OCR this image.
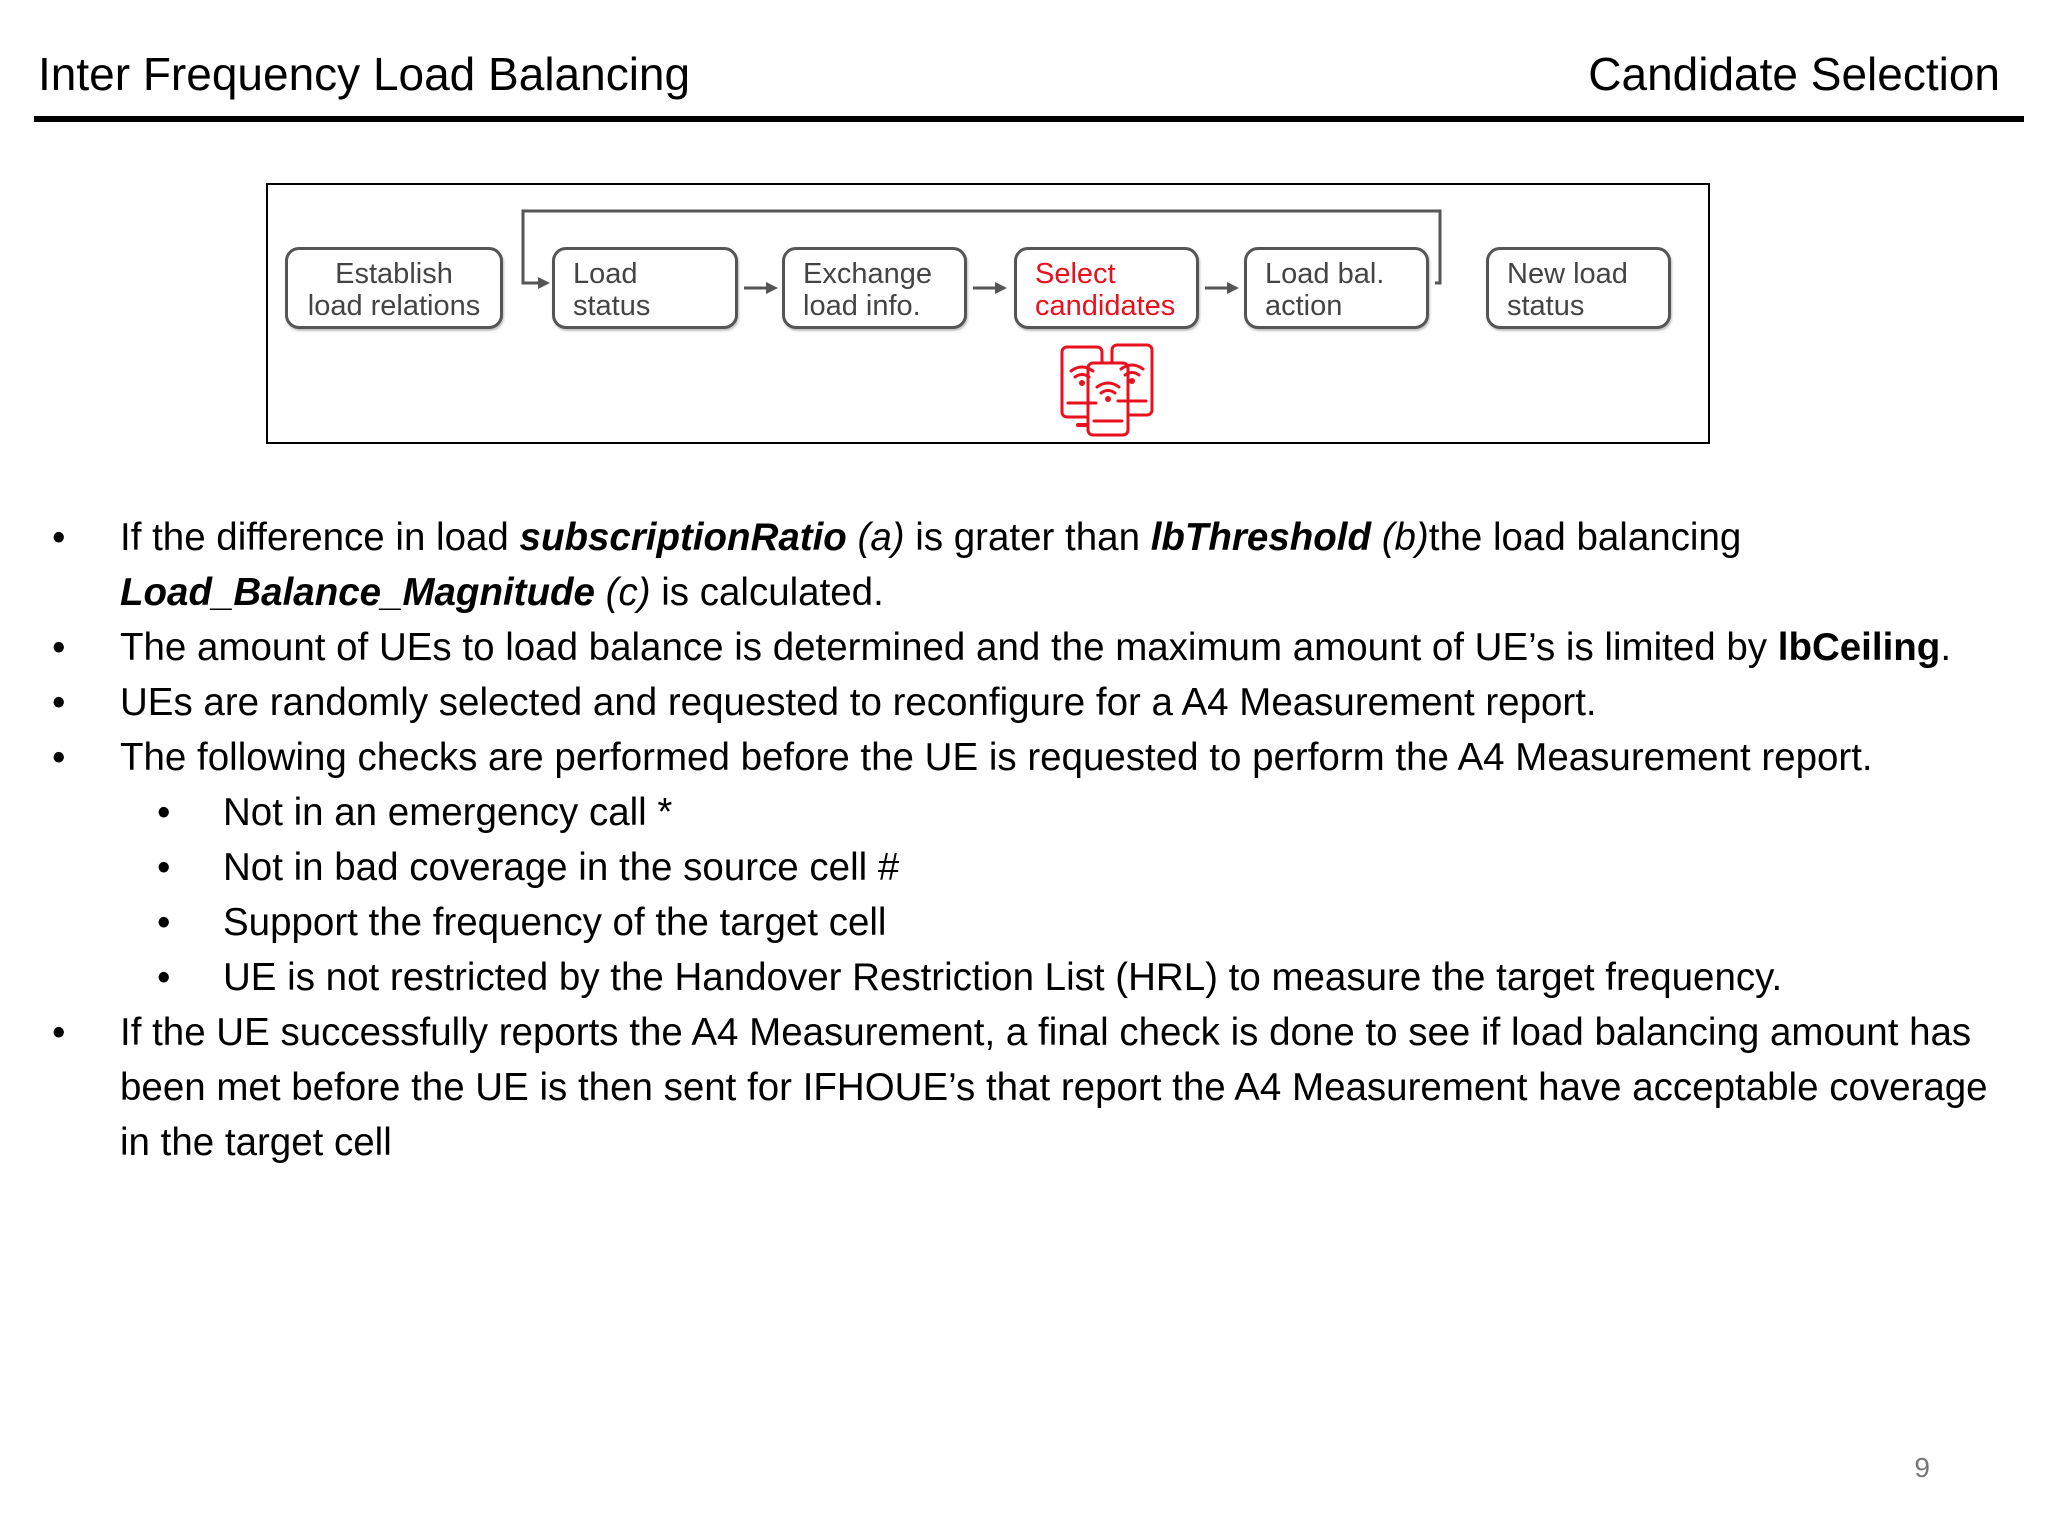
Inter Frequency Load Balancing	Candidate Selection
Establish
load relations
Load
status
Exchange
load info.
Select
candidates
Load bal.
action
New load
status
• If the difference in load subscriptionRatio (a) is grater than lbThreshold (b)the load balancing Load_Balance_Magnitude (c) is calculated.
• The amount of UEs to load balance is determined and the maximum amount of UE’s is limited by lbCeiling.
• UEs are randomly selected and requested to reconfigure for a A4 Measurement report.
• The following checks are performed before the UE is requested to perform the A4 Measurement report.
• Not in an emergency call *
• Not in bad coverage in the source cell #
• Support the frequency of the target cell
• UE is not restricted by the Handover Restriction List (HRL) to measure the target frequency.
• If the UE successfully reports the A4 Measurement, a final check is done to see if load balancing amount has been met before the UE is then sent for IFHOUE’s that report the A4 Measurement have acceptable coverage in the target cell
9
